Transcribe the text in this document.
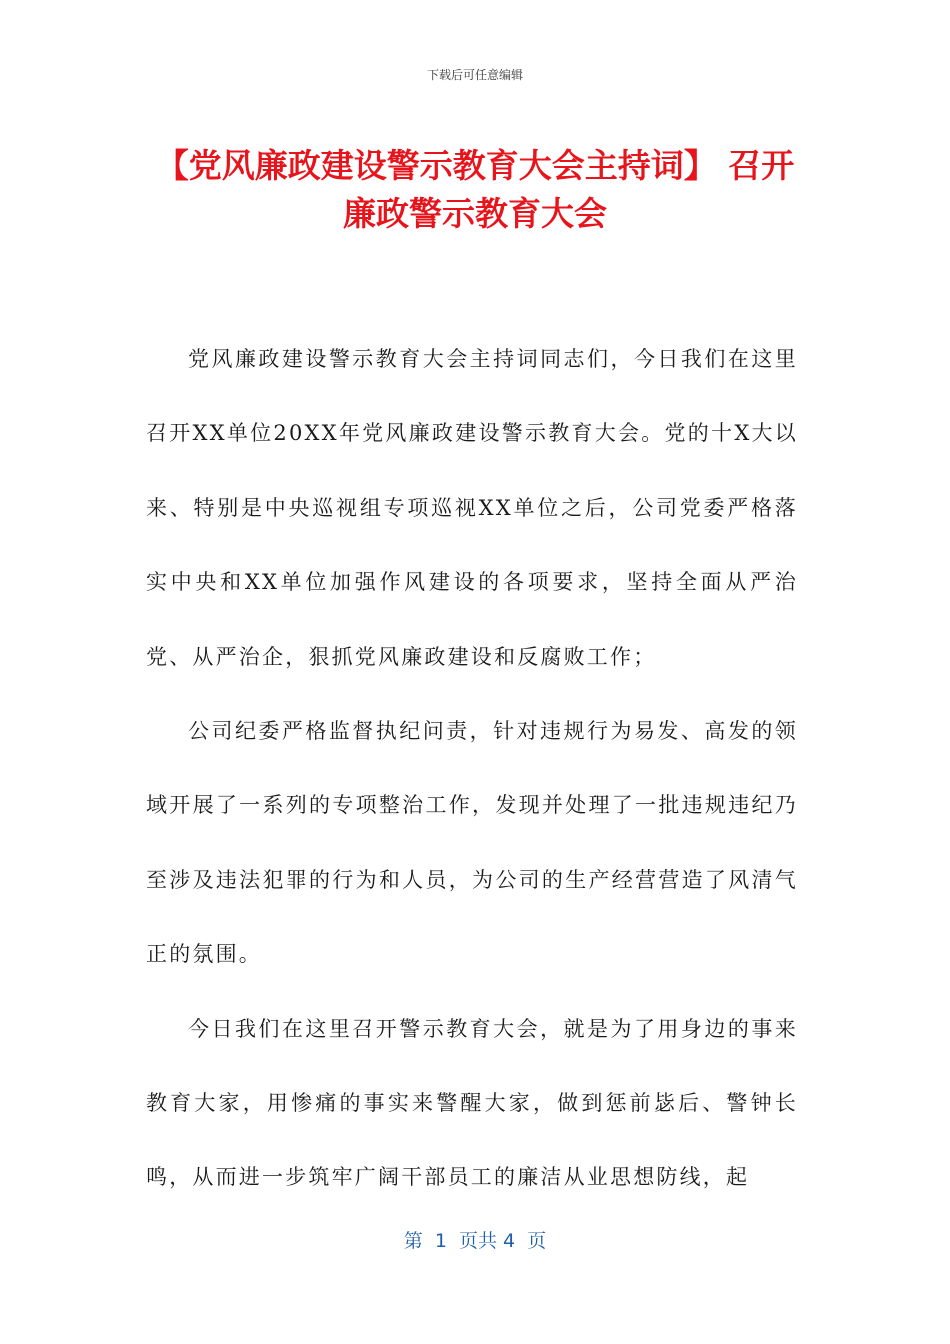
下载后可任意编辑
【党风廉政建设警示教育大会主持词】 召开
廉政警示教育大会

党风廉政建设警示教育大会主持词同志们，今日我们在这里召开XX单位20XX年党风廉政建设警示教育大会。党的十X大以来、特别是中央巡视组专项巡视XX单位之后，公司党委严格落实中央和XX单位加强作风建设的各项要求，坚持全面从严治党、从严治企，狠抓党风廉政建设和反腐败工作；

公司纪委严格监督执纪问责，针对违规行为易发、高发的领域开展了一系列的专项整治工作，发现并处理了一批违规违纪乃至涉及违法犯罪的行为和人员，为公司的生产经营营造了风清气正的氛围。

今日我们在这里召开警示教育大会，就是为了用身边的事来教育大家，用惨痛的事实来警醒大家，做到惩前毖后、警钟长鸣，从而进一步筑牢广阔干部员工的廉洁从业思想防线，起

第  1  页共 4  页
